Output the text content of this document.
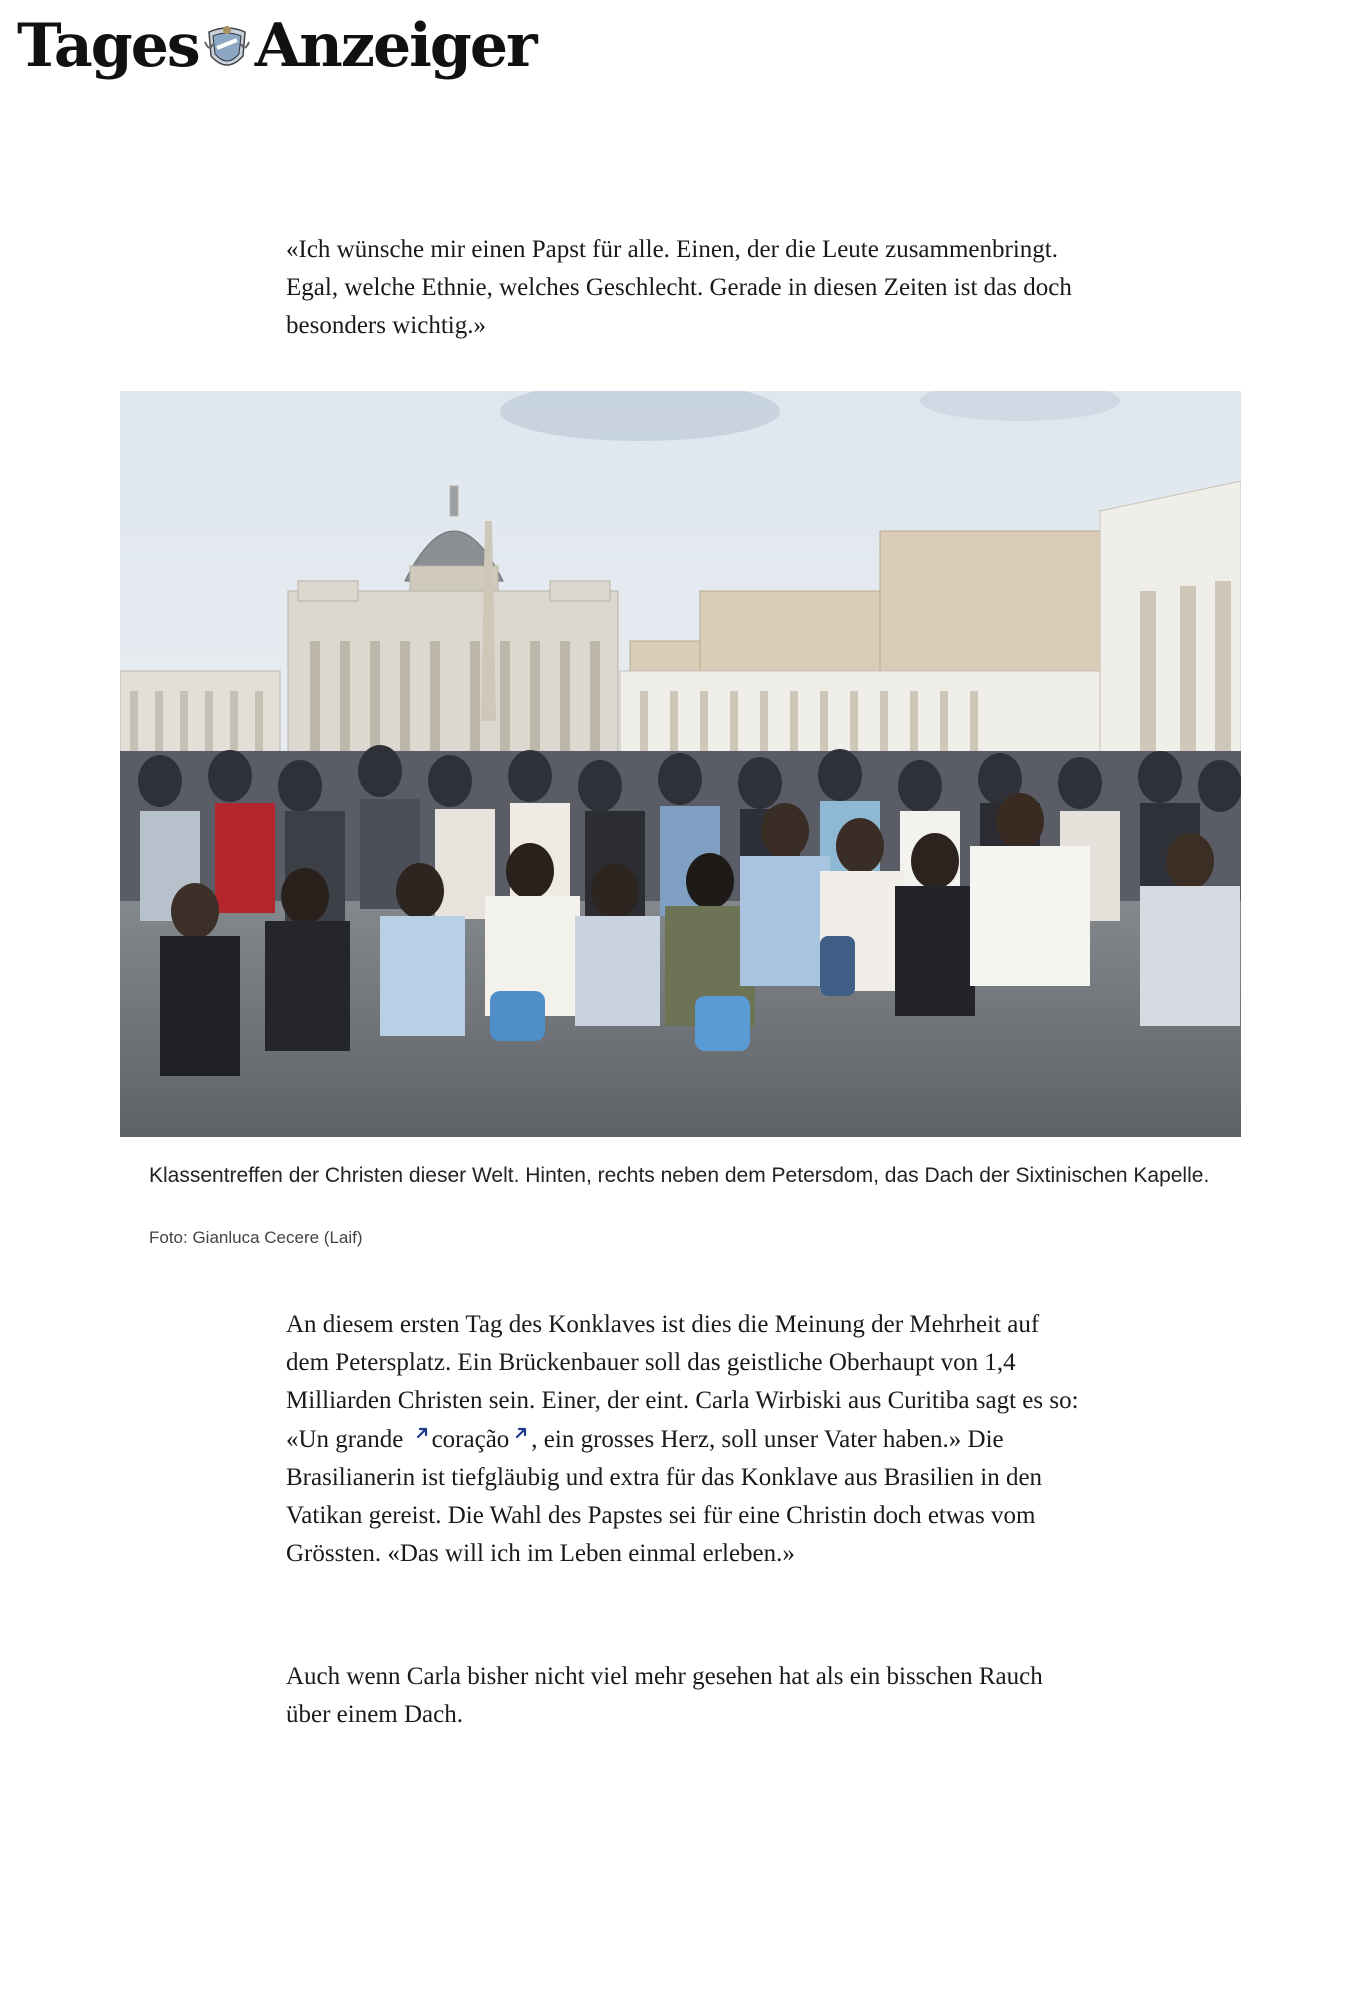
Tages Anzeiger

«Ich wünsche mir einen Papst für alle. Einen, der die Leute zusammenbringt. Egal, welche Ethnie, welches Geschlecht. Gerade in diesen Zeiten ist das doch besonders wichtig.»

Klassentreffen der Christen dieser Welt. Hinten, rechts neben dem Petersdom, das Dach der Sixtinischen Kapelle.
Foto: Gianluca Cecere (Laif)

An diesem ersten Tag des Konklaves ist dies die Meinung der Mehrheit auf dem Petersplatz. Ein Brückenbauer soll das geistliche Oberhaupt von 1,4 Milliarden Christen sein. Einer, der eint. Carla Wirbiski aus Curitiba sagt es so: «Un grande coração , ein grosses Herz, soll unser Vater haben.» Die Brasilianerin ist tiefgläubig und extra für das Konklave aus Brasilien in den Vatikan gereist. Die Wahl des Papstes sei für eine Christin doch etwas vom Grössten. «Das will ich im Leben einmal erleben.»

Auch wenn Carla bisher nicht viel mehr gesehen hat als ein bisschen Rauch über einem Dach.
